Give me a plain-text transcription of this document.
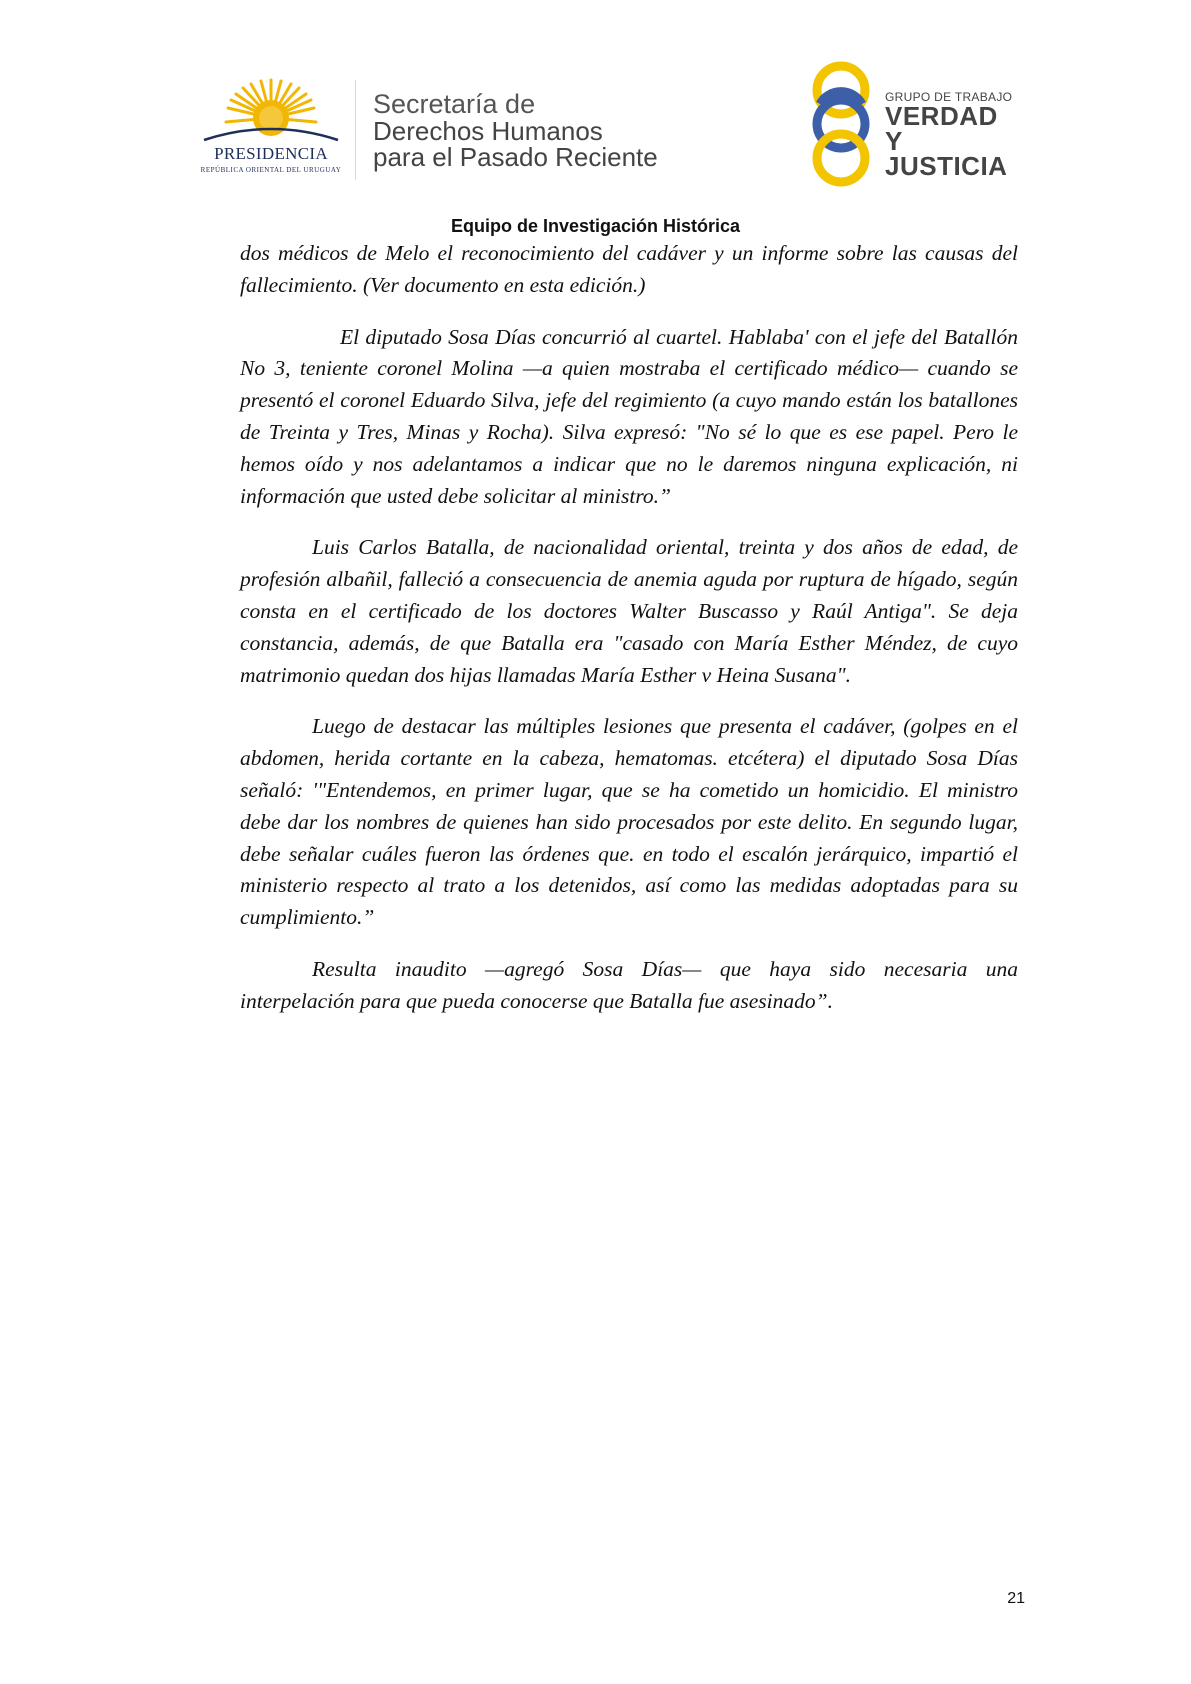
PRESIDENCIA
REPÚBLICA ORIENTAL DEL URUGUAY
Secretaría de
Derechos Humanos
para el Pasado Reciente
GRUPO DE TRABAJO
VERDAD Y
JUSTICIA
Equipo de Investigación Histórica

dos médicos de Melo el reconocimiento del cadáver y un informe sobre las causas del fallecimiento. (Ver documento en esta edición.)

El diputado Sosa Días concurrió al cuartel. Hablaba' con el jefe del Batallón No 3, teniente coronel Molina —a quien mostraba el certificado médico— cuando se presentó el coronel Eduardo Silva, jefe del regimiento (a cuyo mando están los batallones de Treinta y Tres, Minas y Rocha). Silva expresó: "No sé lo que es ese papel. Pero le hemos oído y nos adelantamos a indicar que no le daremos ninguna explicación, ni información que usted debe solicitar al ministro.”

Luis Carlos Batalla, de nacionalidad oriental, treinta y dos años de edad, de profesión albañil, falleció a consecuencia de anemia aguda por ruptura de hígado, según consta en el certificado de los doctores Walter Buscasso y Raúl Antiga". Se deja constancia, además, de que Batalla era "casado con María Esther Méndez, de cuyo matrimonio quedan dos hijas llamadas María Esther v Heina Susana".

Luego de destacar las múltiples lesiones que presenta el cadáver, (golpes en el abdomen, herida cortante en la cabeza, hematomas. etcétera) el diputado Sosa Días señaló: '"Entendemos, en primer lugar, que se ha cometido un homicidio. El ministro debe dar los nombres de quienes han sido procesados por este delito. En segundo lugar, debe señalar cuáles fueron las órdenes que. en todo el escalón jerárquico, impartió el ministerio respecto al trato a los detenidos, así como las medidas adoptadas para su cumplimiento.”

Resulta inaudito —agregó Sosa Días— que haya sido necesaria una interpelación para que pueda conocerse que Batalla fue asesinado”.

21
